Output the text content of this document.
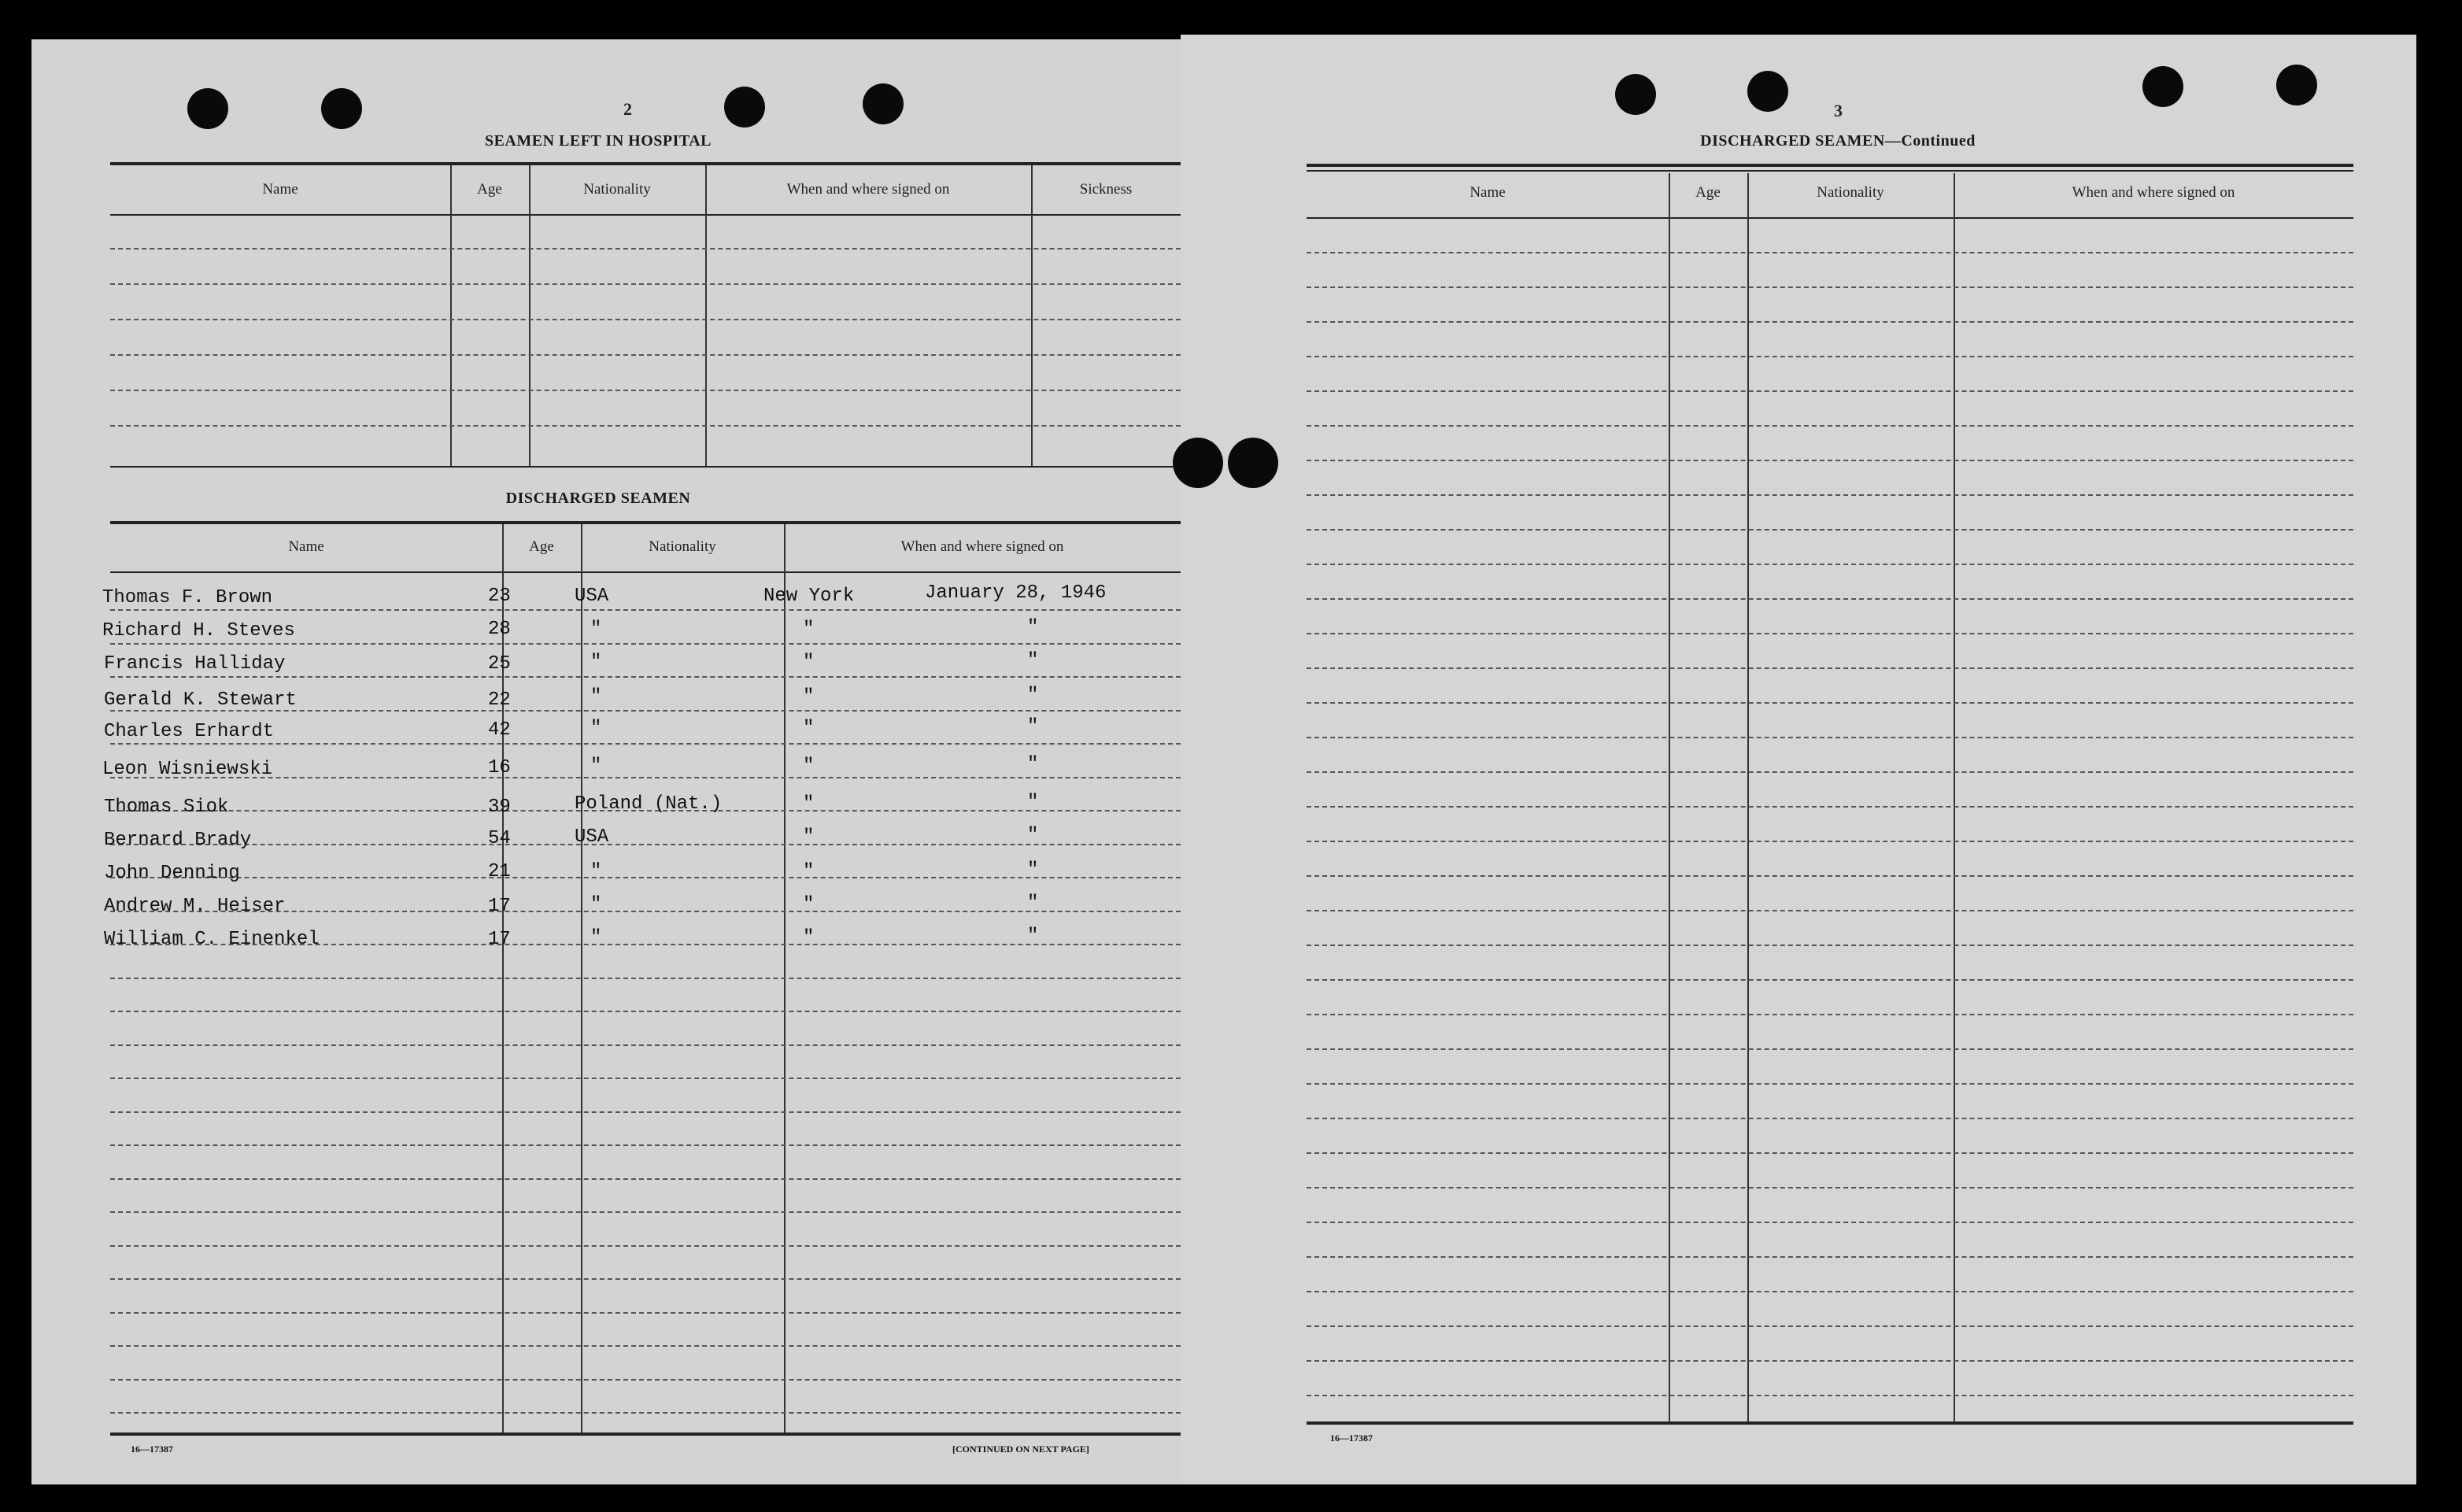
2
SEAMEN LEFT IN HOSPITAL
Name	Age	Nationality	When and where signed on	Sickness
DISCHARGED SEAMEN
Name	Age	Nationality	When and where signed on
Thomas F. Brown	23	USA	New York	January 28, 1946
Richard H. Steves	28	"	"	"
Francis Halliday	25	"	"	"
Gerald K. Stewart	22	"	"	"
Charles Erhardt	42	"	"	"
Leon Wisniewski	16	"	"	"
Thomas Siok	39	Poland (Nat.)	"	"
Bernard Brady	54	USA	"	"
John Denning	21	"	"	"
Andrew M. Heiser	17	"	"	"
William C. Einenkel	17	"	"	"
16—17387	[CONTINUED ON NEXT PAGE]
3
DISCHARGED SEAMEN—Continued
Name	Age	Nationality	When and where signed on
16—17387
